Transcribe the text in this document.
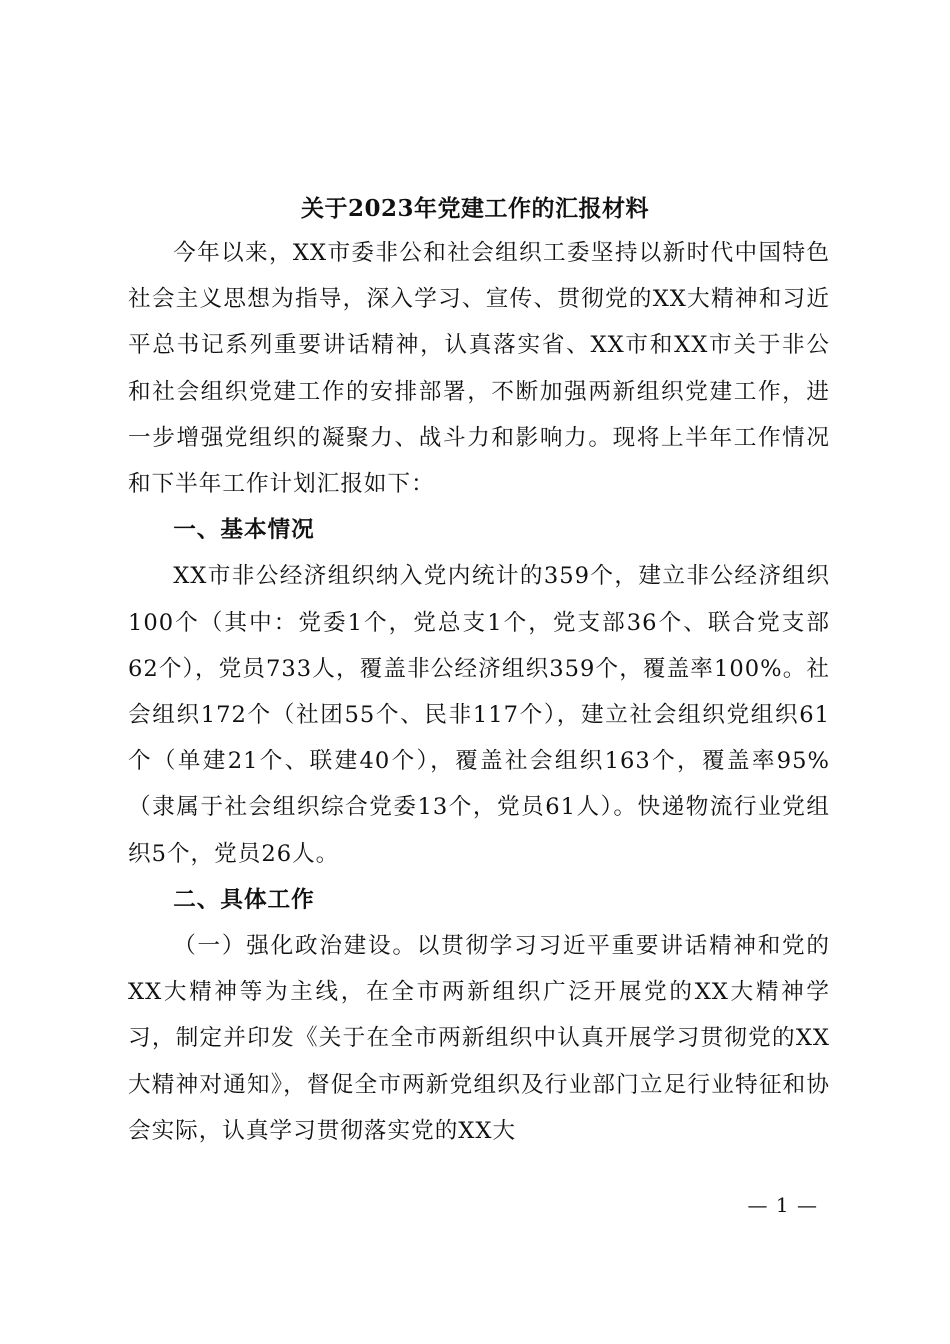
关于2023年党建工作的汇报材料

今年以来，XX市委非公和社会组织工委坚持以新时代中国特色社会主义思想为指导，深入学习、宣传、贯彻党的XX大精神和习近平总书记系列重要讲话精神，认真落实省、XX市和XX市关于非公和社会组织党建工作的安排部署，不断加强两新组织党建工作，进一步增强党组织的凝聚力、战斗力和影响力。现将上半年工作情况和下半年工作计划汇报如下：

一、基本情况

XX市非公经济组织纳入党内统计的359个，建立非公经济组织100个（其中：党委1个，党总支1个，党支部36个、联合党支部62个），党员733人，覆盖非公经济组织359个，覆盖率100%。社会组织172个（社团55个、民非117个），建立社会组织党组织61个（单建21个、联建40个），覆盖社会组织163个，覆盖率95%（隶属于社会组织综合党委13个，党员61人）。快递物流行业党组织5个，党员26人。

二、具体工作

（一）强化政治建设。以贯彻学习习近平重要讲话精神和党的XX大精神等为主线，在全市两新组织广泛开展党的XX大精神学习，制定并印发《关于在全市两新组织中认真开展学习贯彻党的XX大精神对通知》，督促全市两新党组织及行业部门立足行业特征和协会实际，认真学习贯彻落实党的XX大

— 1 —
